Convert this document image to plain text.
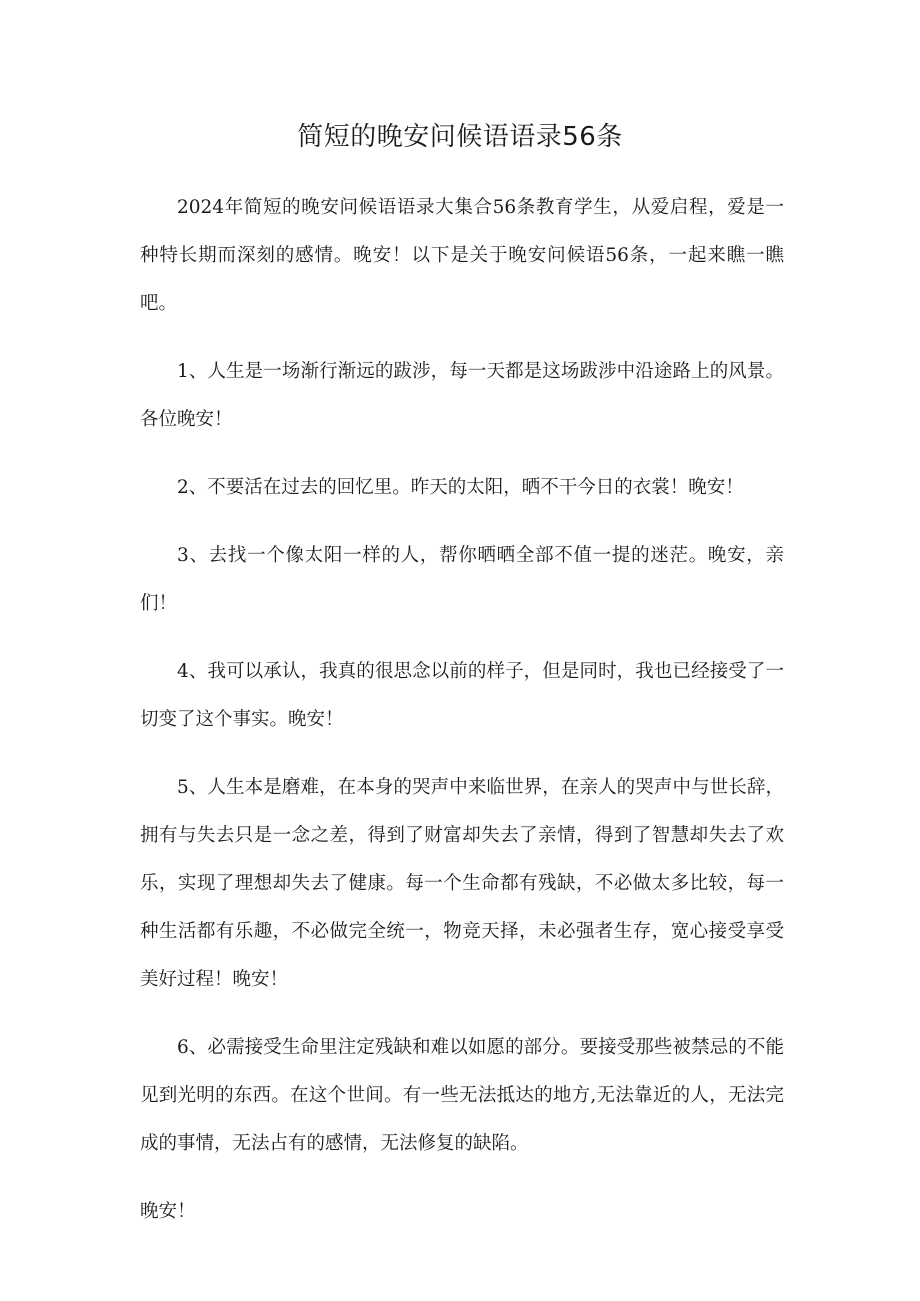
简短的晚安问候语语录56条

2024年简短的晚安问候语语录大集合56条教育学生，从爱启程，爱是一种特长期而深刻的感情。晚安！以下是关于晚安问候语56条，一起来瞧一瞧吧。

1、人生是一场渐行渐远的跋涉，每一天都是这场跋涉中沿途路上的风景。各位晚安！

2、不要活在过去的回忆里。昨天的太阳，晒不干今日的衣裳！晚安！

3、去找一个像太阳一样的人，帮你晒晒全部不值一提的迷茫。晚安，亲们！

4、我可以承认，我真的很思念以前的样子，但是同时，我也已经接受了一切变了这个事实。晚安！

5、人生本是磨难，在本身的哭声中来临世界，在亲人的哭声中与世长辞，拥有与失去只是一念之差，得到了财富却失去了亲情，得到了智慧却失去了欢乐，实现了理想却失去了健康。每一个生命都有残缺，不必做太多比较，每一种生活都有乐趣，不必做完全统一，物竞天择，未必强者生存，宽心接受享受美好过程！晚安！

6、必需接受生命里注定残缺和难以如愿的部分。要接受那些被禁忌的不能见到光明的东西。在这个世间。有一些无法抵达的地方,无法靠近的人，无法完成的事情，无法占有的感情，无法修复的缺陷。

晚安！
